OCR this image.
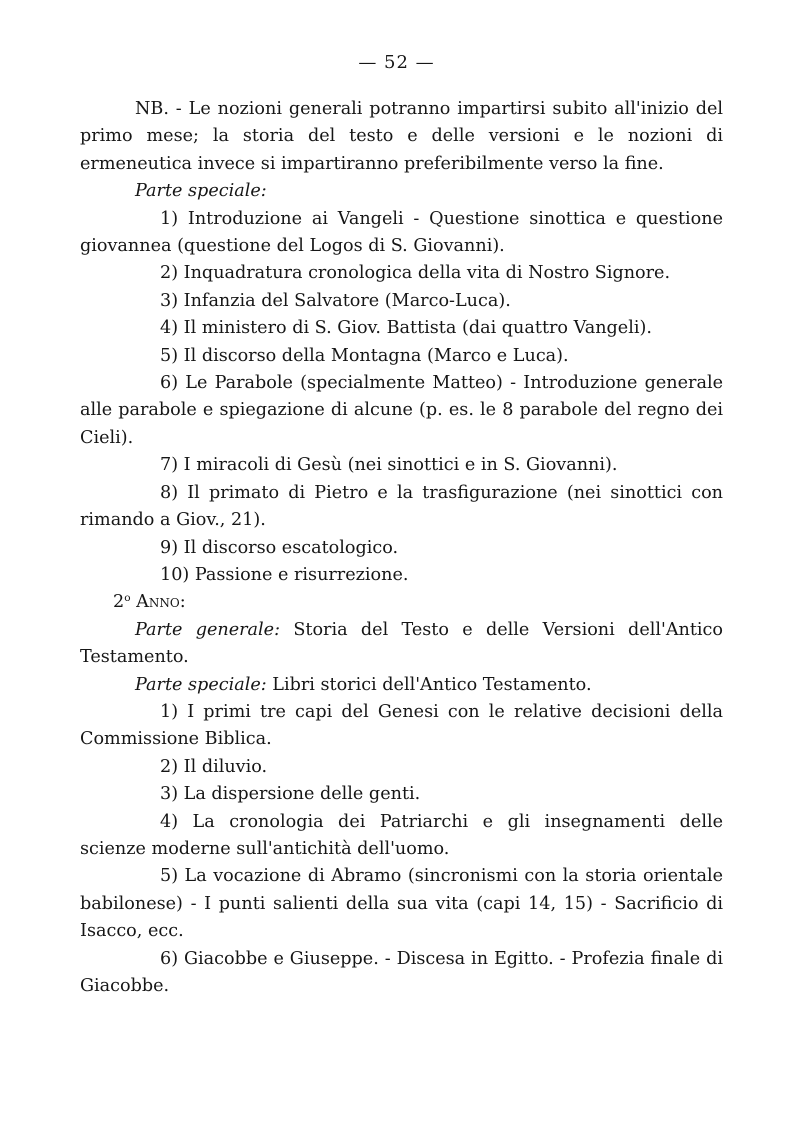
— 52 —

NB. - Le nozioni generali potranno impartirsi subito all'inizio del primo mese; la storia del testo e delle versioni e le nozioni di ermeneutica invece si impartiranno preferibilmente verso la fine.

Parte speciale:

1) Introduzione ai Vangeli - Questione sinottica e questione giovannea (questione del Logos di S. Giovanni).

2) Inquadratura cronologica della vita di Nostro Signore.

3) Infanzia del Salvatore (Marco-Luca).

4) Il ministero di S. Giov. Battista (dai quattro Vangeli).

5) Il discorso della Montagna (Marco e Luca).

6) Le Parabole (specialmente Matteo) - Introduzione generale alle parabole e spiegazione di alcune (p. es. le 8 parabole del regno dei Cieli).

7) I miracoli di Gesù (nei sinottici e in S. Giovanni).

8) Il primato di Pietro e la trasfigurazione (nei sinottici con rimando a Giov., 21).

9) Il discorso escatologico.

10) Passione e risurrezione.

2$^o$ Anno:

Parte generale: Storia del Testo e delle Versioni dell'Antico Testamento.

Parte speciale: Libri storici dell'Antico Testamento.

1) I primi tre capi del Genesi con le relative decisioni della Commissione Biblica.

2) Il diluvio.

3) La dispersione delle genti.

4) La cronologia dei Patriarchi e gli insegnamenti delle scienze moderne sull'antichità dell'uomo.

5) La vocazione di Abramo (sincronismi con la storia orientale babilonese) - I punti salienti della sua vita (capi 14, 15) - Sacrificio di Isacco, ecc.

6) Giacobbe e Giuseppe. - Discesa in Egitto. - Profezia finale di Giacobbe.
